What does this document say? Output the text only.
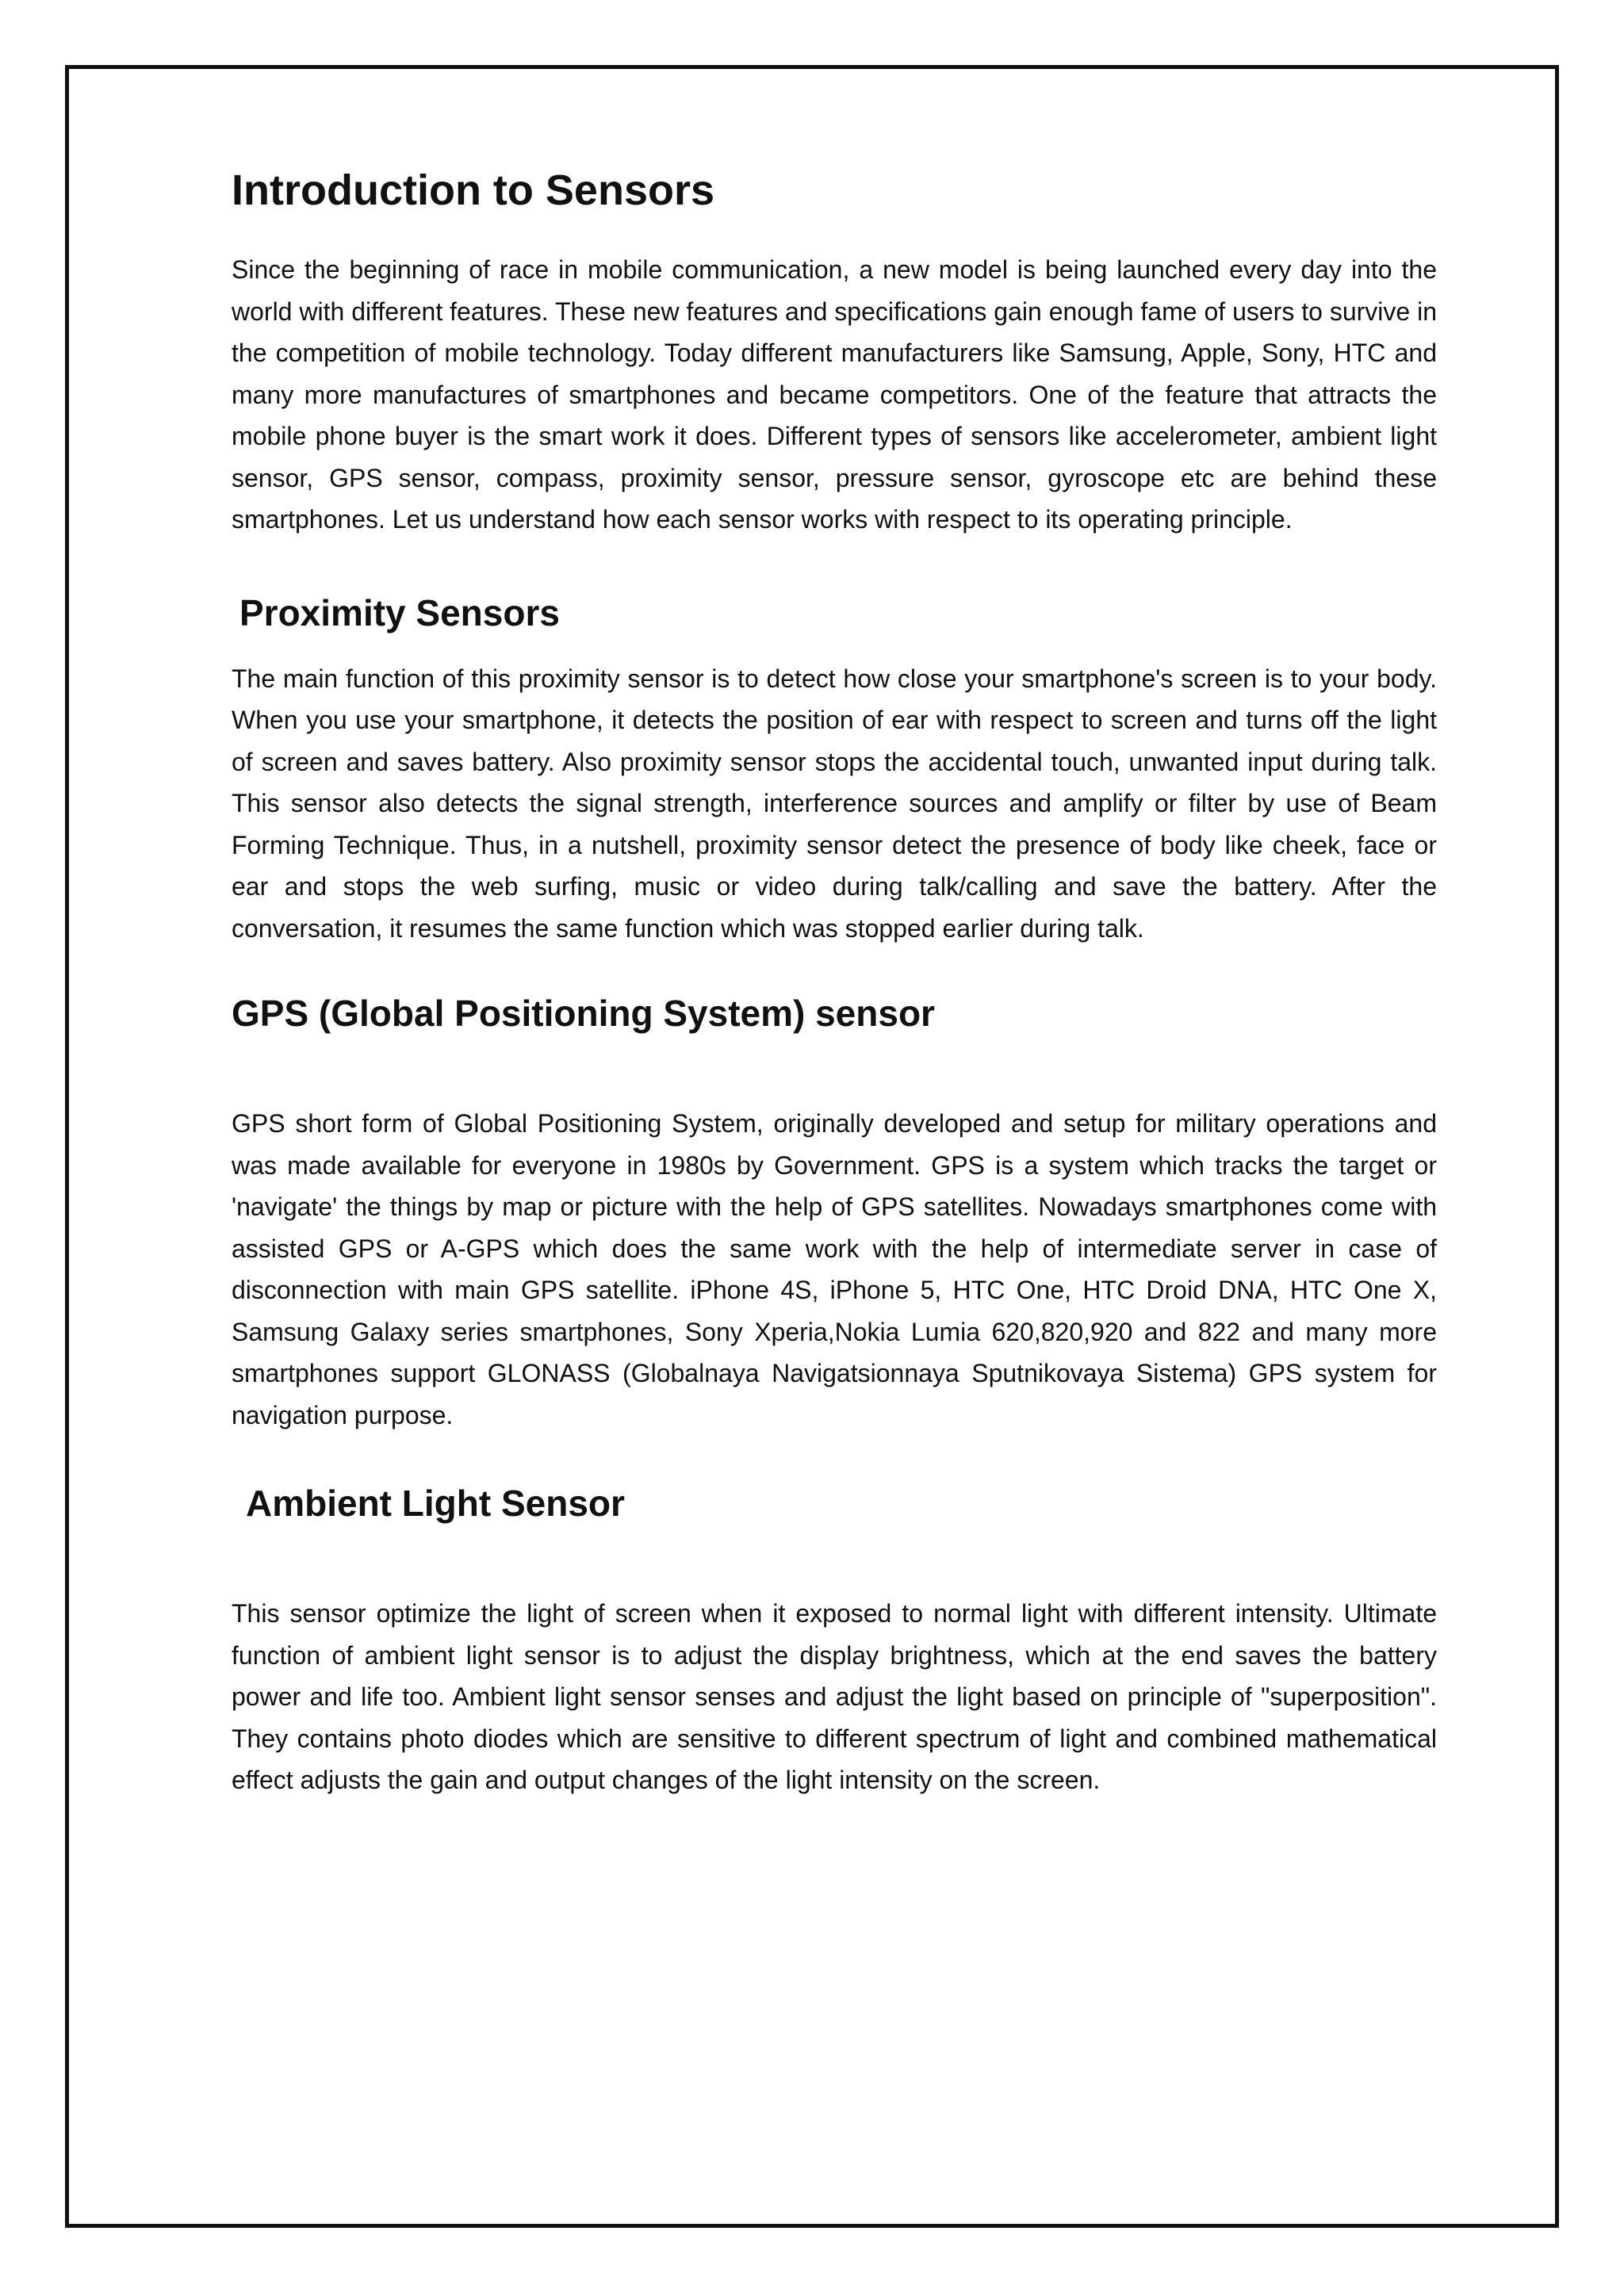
Introduction to Sensors

Since the beginning of race in mobile communication, a new model is being launched every day into the world with different features. These new features and specifications gain enough fame of users to survive in the competition of mobile technology. Today different manufacturers like Samsung, Apple, Sony, HTC and many more manufactures of smartphones and became competitors. One of the feature that attracts the mobile phone buyer is the smart work it does. Different types of sensors like accelerometer, ambient light sensor, GPS sensor, compass, proximity sensor, pressure sensor, gyroscope etc are behind these smartphones. Let us understand how each sensor works with respect to its operating principle.

Proximity Sensors

The main function of this proximity sensor is to detect how close your smartphone's screen is to your body. When you use your smartphone, it detects the position of ear with respect to screen and turns off the light of screen and saves battery. Also proximity sensor stops the accidental touch, unwanted input during talk. This sensor also detects the signal strength, interference sources and amplify or filter by use of Beam Forming Technique. Thus, in a nutshell, proximity sensor detect the presence of body like cheek, face or ear and stops the web surfing, music or video during talk/calling and save the battery. After the conversation, it resumes the same function which was stopped earlier during talk.

GPS (Global Positioning System) sensor

GPS short form of Global Positioning System, originally developed and setup for military operations and was made available for everyone in 1980s by Government. GPS is a system which tracks the target or 'navigate' the things by map or picture with the help of GPS satellites. Nowadays smartphones come with assisted GPS or A-GPS which does the same work with the help of intermediate server in case of disconnection with main GPS satellite. iPhone 4S, iPhone 5, HTC One, HTC Droid DNA, HTC One X, Samsung Galaxy series smartphones, Sony Xperia,Nokia Lumia 620,820,920 and 822 and many more smartphones support GLONASS (Globalnaya Navigatsionnaya Sputnikovaya Sistema) GPS system for navigation purpose.

Ambient Light Sensor

This sensor optimize the light of screen when it exposed to normal light with different intensity. Ultimate function of ambient light sensor is to adjust the display brightness, which at the end saves the battery power and life too. Ambient light sensor senses and adjust the light based on principle of "superposition". They contains photo diodes which are sensitive to different spectrum of light and combined mathematical effect adjusts the gain and output changes of the light intensity on the screen.
